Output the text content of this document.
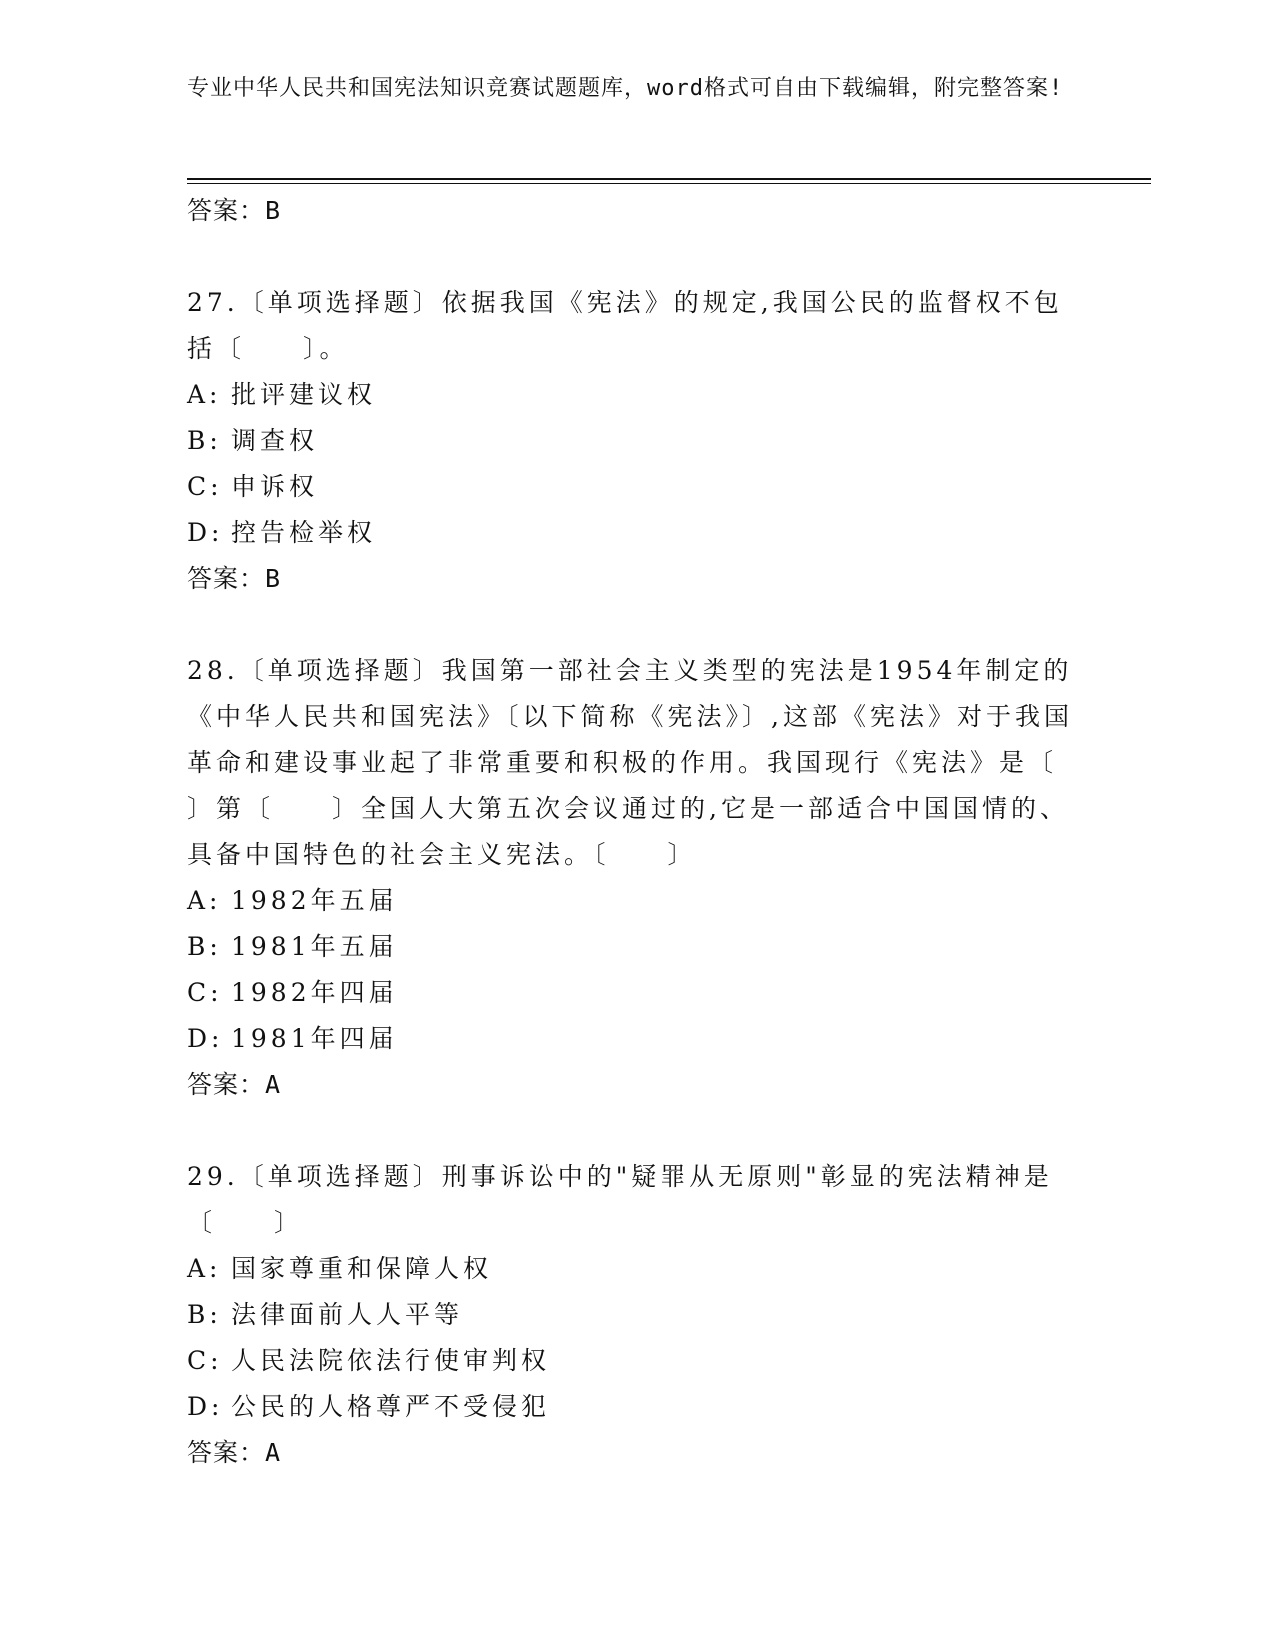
专业中华人民共和国宪法知识竞赛试题题库，word格式可自由下载编辑，附完整答案!
答案：B
27.〔单项选择题〕依据我国《宪法》的规定,我国公民的监督权不包括〔　　〕。
A: 批评建议权
B: 调查权
C: 申诉权
D: 控告检举权
答案：B
28.〔单项选择题〕我国第一部社会主义类型的宪法是1954年制定的《中华人民共和国宪法》〔以下简称《宪法》〕,这部《宪法》对于我国革命和建设事业起了非常重要和积极的作用。我国现行《宪法》是〔　　〕第〔　　〕全国人大第五次会议通过的,它是一部适合中国国情的、具备中国特色的社会主义宪法。〔　　〕
A: 1982年五届
B: 1981年五届
C: 1982年四届
D: 1981年四届
答案：A
29.〔单项选择题〕刑事诉讼中的"疑罪从无原则"彰显的宪法精神是〔　　〕
A: 国家尊重和保障人权
B: 法律面前人人平等
C: 人民法院依法行使审判权
D: 公民的人格尊严不受侵犯
答案：A
